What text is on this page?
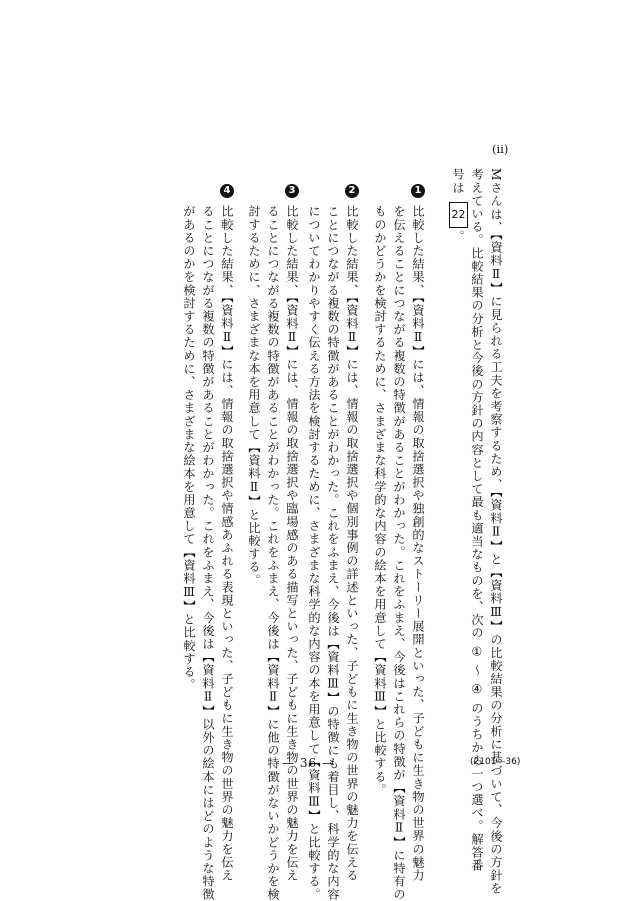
(ii)
Mさんは、【資料Ⅱ】に見られる工夫を考察するため、【資料Ⅱ】と【資料Ⅲ】の比較結果の分析に基づいて、今後の方針を
考えている。比較結果の分析と今後の方針の内容として最も適当なものを、次の ① ～ ④ のうちから一つ選べ。解答番
号は
22
。
1
比較した結果、【資料Ⅱ】には、情報の取捨選択や独創的なストーリー展開といった、子どもに生き物の世界の魅力
を伝えることにつながる複数の特徴があることがわかった。これをふまえ、今後はこれらの特徴が【資料Ⅱ】に特有の
ものかどうかを検討するために、さまざまな科学的な内容の絵本を用意して【資料Ⅲ】と比較する。
2
比較した結果、【資料Ⅱ】には、情報の取捨選択や個別事例の詳述といった、子どもに生き物の世界の魅力を伝える
ことにつながる複数の特徴があることがわかった。これをふまえ、今後は【資料Ⅲ】の特徴にも着目し、科学的な内容
についてわかりやすく伝える方法を検討するために、さまざまな科学的な内容の本を用意して【資料Ⅲ】と比較する。
3
比較した結果、【資料Ⅱ】には、情報の取捨選択や臨場感のある描写といった、子どもに生き物の世界の魅力を伝え
ることにつながる複数の特徴があることがわかった。これをふまえ、今後は【資料Ⅱ】に他の特徴がないかどうかを検
討するために、さまざまな本を用意して【資料Ⅱ】と比較する。
4
比較した結果、【資料Ⅱ】には、情報の取捨選択や情感あふれる表現といった、子どもに生き物の世界の魅力を伝え
ることにつながる複数の特徴があることがわかった。これをふまえ、今後は【資料Ⅱ】以外の絵本にはどのような特徴
があるのかを検討するために、さまざまな絵本を用意して【資料Ⅲ】と比較する。
— 36 —	(2101—36)
